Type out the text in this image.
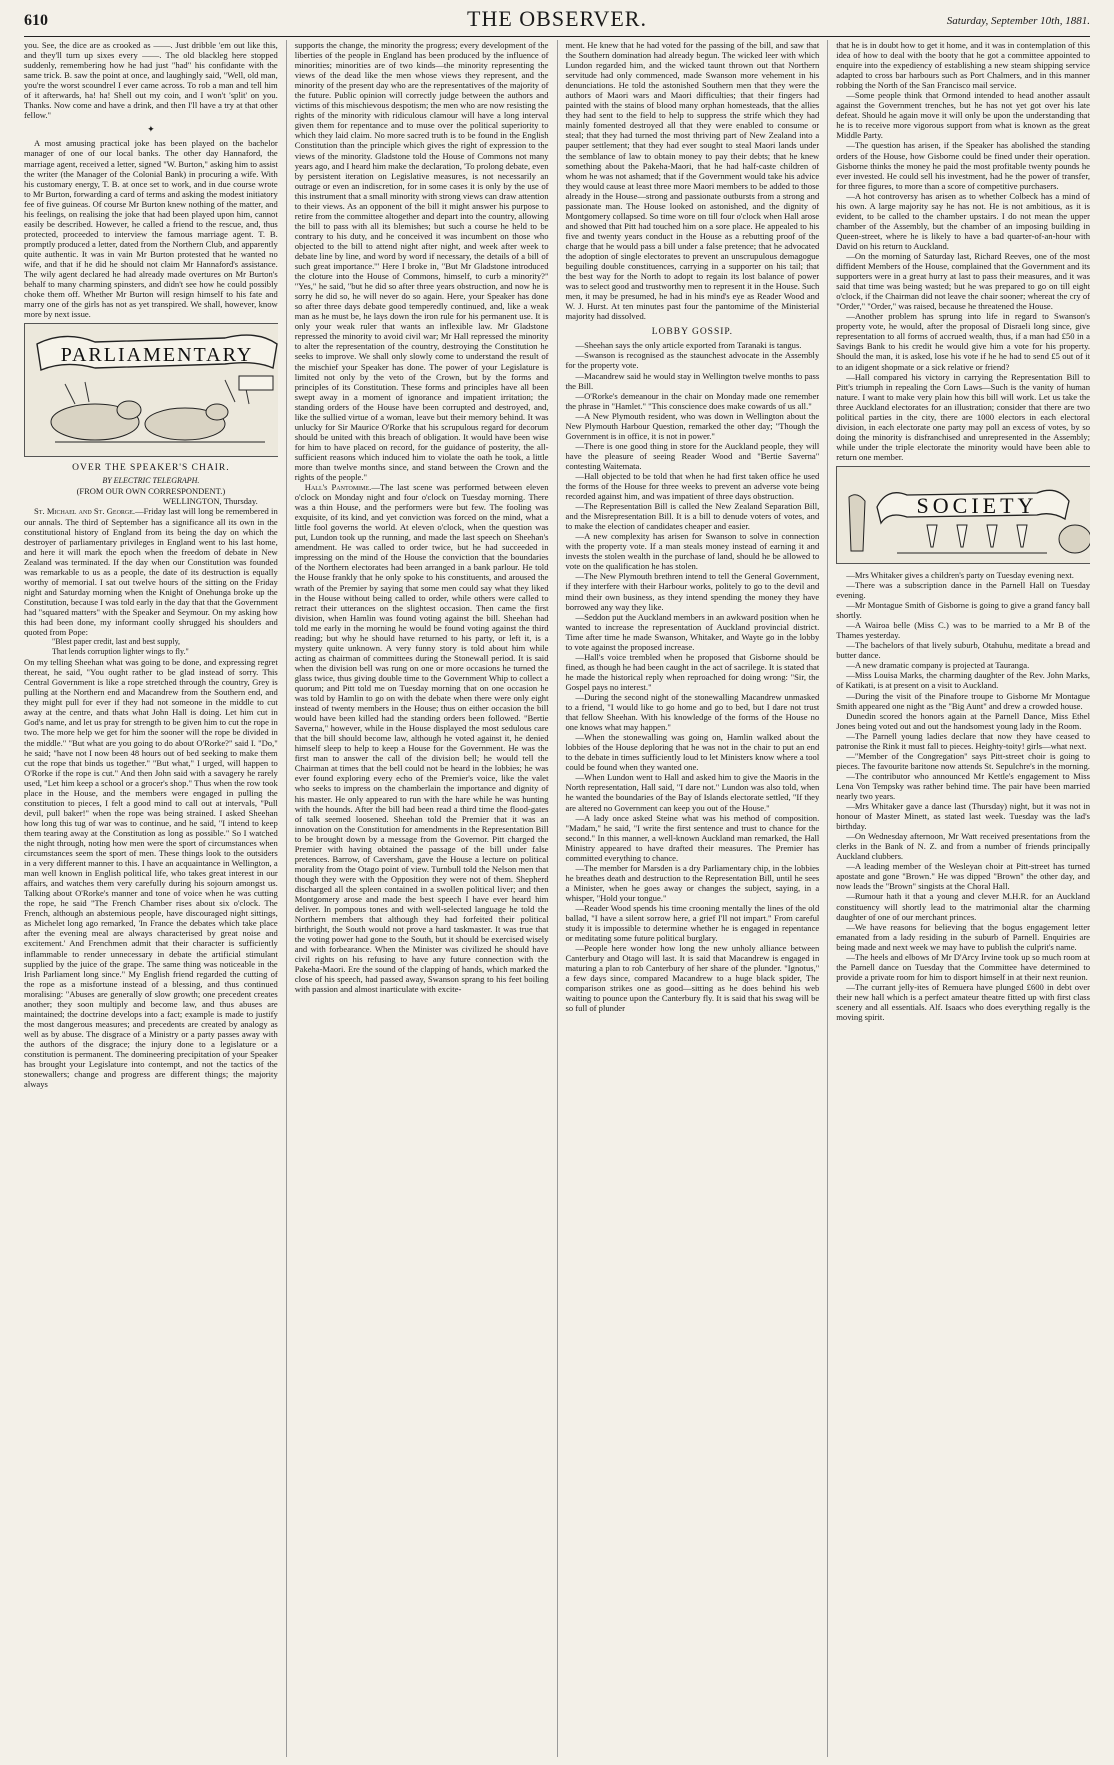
610	THE OBSERVER.	Saturday, September 10th, 1881.

you. See, the dice are as crooked as ——. Just dribble 'em out like this, and they'll turn up sixes every ——. The old blackleg here stopped suddenly, remembering how he had just "had" his confidante with the same trick. B. saw the point at once, and laughingly said, "Well, old man, you're the worst scoundrel I ever came across. To rob a man and tell him of it afterwards, ha! ha! Shell out my coin, and I won't 'split' on you. Thanks. Now come and have a drink, and then I'll have a try at that other fellow."

✦

A most amusing practical joke has been played on the bachelor manager of one of our local banks. The other day Hannaford, the marriage agent, received a letter, signed "W. Burton," asking him to assist the writer (the Manager of the Colonial Bank) in procuring a wife. With his customary energy, T. B. at once set to work, and in due course wrote to Mr Burton, forwarding a card of terms and asking the modest initiatory fee of five guineas. Of course Mr Burton knew nothing of the matter, and his feelings, on realising the joke that had been played upon him, cannot easily be described. However, he called a friend to the rescue, and, thus protected, proceeded to interview the famous marriage agent. T. B. promptly produced a letter, dated from the Northern Club, and apparently quite authentic. It was in vain Mr Burton protested that he wanted no wife, and that if he did he should not claim Mr Hannaford's assistance. The wily agent declared he had already made overtures on Mr Burton's behalf to many charming spinsters, and didn't see how he could possibly choke them off. Whether Mr Burton will resign himself to his fate and marry one of the girls has not as yet transpired. We shall, however, know more by next issue.

PARLIAMENTARY
OVER THE SPEAKER'S CHAIR.
BY ELECTRIC TELEGRAPH.
(FROM OUR OWN CORRESPONDENT.)

WELLINGTON, Thursday.

St. Michael and St. George.—Friday last will long be remembered in our annals. The third of September has a significance all its own in the constitutional history of England from its being the day on which the destroyer of parliamentary privileges in England went to his last home, and here it will mark the epoch when the freedom of debate in New Zealand was terminated. If the day when our Constitution was founded was remarkable to us as a people, the date of its destruction is equally worthy of memorial. I sat out twelve hours of the sitting on the Friday night and Saturday morning when the Knight of Onehunga broke up the Constitution, because I was told early in the day that that the Government had "squared matters" with the Speaker and Seymour. On my asking how this had been done, my informant coolly shrugged his shoulders and quoted from Pope:

"Blest paper credit, last and best supply,

That lends corruption lighter wings to fly."

On my telling Sheehan what was going to be done, and expressing regret thereat, he said, "You ought rather to be glad instead of sorry. This Central Government is like a rope stretched through the country, Grey is pulling at the Northern end and Macandrew from the Southern end, and they might pull for ever if they had not someone in the middle to cut away at the centre, and thats what John Hall is doing. Let him cut in God's name, and let us pray for strength to be given him to cut the rope in two. The more help we get for him the sooner will the rope be divided in the middle." "But what are you going to do about O'Rorke?" said I. "Do," he said; "have not I now been 48 hours out of bed seeking to make them cut the rope that binds us together." "But what," I urged, will happen to O'Rorke if the rope is cut." And then John said with a savagery he rarely used, "Let him keep a school or a grocer's shop." Thus when the row took place in the House, and the members were engaged in pulling the constitution to pieces, I felt a good mind to call out at intervals, "Pull devil, pull baker!" when the rope was being strained. I asked Sheehan how long this tug of war was to continue, and he said, "I intend to keep them tearing away at the Constitution as long as possible." So I watched the night through, noting how men were the sport of circumstances when circumstances seem the sport of men. These things look to the outsiders in a very different manner to this. I have an acquaintance in Wellington, a man well known in English political life, who takes great interest in our affairs, and watches them very carefully during his sojourn amongst us. Talking about O'Rorke's manner and tone of voice when he was cutting the rope, he said "The French Chamber rises about six o'clock. The French, although an abstemious people, have discouraged night sittings, as Michelet long ago remarked, 'In France the debates which take place after the evening meal are always characterised by great noise and excitement.' And Frenchmen admit that their character is sufficiently inflammable to render unnecessary in debate the artificial stimulant supplied by the juice of the grape. The same thing was noticeable in the Irish Parliament long since." My English friend regarded the cutting of the rope as a misfortune instead of a blessing, and thus continued moralising: "Abuses are generally of slow growth; one precedent creates another; they soon multiply and become law, and thus abuses are maintained; the doctrine develops into a fact; example is made to justify the most dangerous measures; and precedents are created by analogy as well as by abuse. The disgrace of a Ministry or a party passes away with the authors of the disgrace; the injury done to a legislature or a constitution is permanent. The domineering precipitation of your Speaker has brought your Legislature into contempt, and not the tactics of the stonewallers; change and progress are different things; the majority always

supports the change, the minority the progress; every development of the liberties of the people in England has been produced by the influence of minorities; minorities are of two kinds—the minority representing the views of the dead like the men whose views they represent, and the minority of the present day who are the representatives of the majority of the future. Public opinion will correctly judge between the authors and victims of this mischievous despotism; the men who are now resisting the rights of the minority with ridiculous clamour will have a long interval given them for repentance and to muse over the political superiority to which they laid claim. No more sacred truth is to be found in the English Constitution than the principle which gives the right of expression to the views of the minority. Gladstone told the House of Commons not many years ago, and I heard him make the declaration, 'To prolong debate, even by persistent iteration on Legislative measures, is not necessarily an outrage or even an indiscretion, for in some cases it is only by the use of this instrument that a small minority with strong views can draw attention to their views. As an opponent of the bill it might answer his purpose to retire from the committee altogether and depart into the country, allowing the bill to pass with all its blemishes; but such a course he held to be contrary to his duty, and he conceived it was incumbent on those who objected to the bill to attend night after night, and week after week to debate line by line, and word by word if necessary, the details of a bill of such great importance.'" Here I broke in, "But Mr Gladstone introduced the cloture into the House of Commons, himself, to curb a minority?" "Yes," he said, "but he did so after three years obstruction, and now he is sorry he did so, he will never do so again. Here, your Speaker has done so after three days debate good temperedly continued, and, like a weak man as he must be, he lays down the iron rule for his permanent use. It is only your weak ruler that wants an inflexible law. Mr Gladstone repressed the minority to avoid civil war; Mr Hall repressed the minority to alter the representation of the country, destroying the Constitution he seeks to improve. We shall only slowly come to understand the result of the mischief your Speaker has done. The power of your Legislature is limited not only by the veto of the Crown, but by the forms and principles of its Constitution. These forms and principles have all been swept away in a moment of ignorance and impatient irritation; the standing orders of the House have been corrupted and destroyed, and, like the sullied virtue of a woman, leave but their memory behind. It was unlucky for Sir Maurice O'Rorke that his scrupulous regard for decorum should be united with this breach of obligation. It would have been wise for him to have placed on record, for the guidance of posterity, the all-sufficient reasons which induced him to violate the oath he took, a little more than twelve months since, and stand between the Crown and the rights of the people."

Hall's Pantomime.—The last scene was performed between eleven o'clock on Monday night and four o'clock on Tuesday morning. There was a thin House, and the performers were but few. The fooling was exquisite, of its kind, and yet conviction was forced on the mind, what a little fool governs the world. At eleven o'clock, when the question was put, Lundon took up the running, and made the last speech on Sheehan's amendment. He was called to order twice, but he had succeeded in impressing on the mind of the House the conviction that the boundaries of the Northern electorates had been arranged in a bank parlour. He told the House frankly that he only spoke to his constituents, and aroused the wrath of the Premier by saying that some men could say what they liked in the House without being called to order, while others were called to retract their utterances on the slightest occasion. Then came the first division, when Hamlin was found voting against the bill. Sheehan had told me early in the morning he would be found voting against the third reading; but why he should have returned to his party, or left it, is a mystery quite unknown. A very funny story is told about him while acting as chairman of committees during the Stonewall period. It is said when the division bell was rung on one or more occasions he turned the glass twice, thus giving double time to the Government Whip to collect a quorum; and Pitt told me on Tuesday morning that on one occasion he was told by Hamlin to go on with the debate when there were only eight instead of twenty members in the House; thus on either occasion the bill would have been killed had the standing orders been followed. "Bertie Saverna," however, while in the House displayed the most sedulous care that the bill should become law, although he voted against it, he denied himself sleep to help to keep a House for the Government. He was the first man to answer the call of the division bell; he would tell the Chairman at times that the bell could not be heard in the lobbies; he was ever found exploring every echo of the Premier's voice, like the valet who seeks to impress on the chamberlain the importance and dignity of his master. He only appeared to run with the hare while he was hunting with the hounds. After the bill had been read a third time the flood-gates of talk seemed loosened. Sheehan told the Premier that it was an innovation on the Constitution for amendments in the Representation Bill to be brought down by a message from the Governor. Pitt charged the Premier with having obtained the passage of the bill under false pretences. Barrow, of Caversham, gave the House a lecture on political morality from the Otago point of view. Turnbull told the Nelson men that though they were with the Opposition they were not of them. Shepherd discharged all the spleen contained in a swollen political liver; and then Montgomery arose and made the best speech I have ever heard him deliver. In pompous tones and with well-selected language he told the Northern members that although they had forfeited their political birthright, the South would not prove a hard taskmaster. It was true that the voting power had gone to the South, but it should be exercised wisely and with forbearance. When the Minister was civilized he should have civil rights on his refusing to have any future connection with the Pakeha-Maori. Ere the sound of the clapping of hands, which marked the close of his speech, had passed away, Swanson sprang to his feet boiling with passion and almost inarticulate with excite-

ment. He knew that he had voted for the passing of the bill, and saw that the Southern domination had already begun. The wicked leer with which Lundon regarded him, and the wicked taunt thrown out that Northern servitude had only commenced, made Swanson more vehement in his denunciations. He told the astonished Southern men that they were the authors of Maori wars and Maori difficulties; that their fingers had painted with the stains of blood many orphan homesteads, that the allies they had sent to the field to help to suppress the strife which they had mainly fomented destroyed all that they were enabled to consume or steal; that they had turned the most thriving part of New Zealand into a pauper settlement; that they had ever sought to steal Maori lands under the semblance of law to obtain money to pay their debts; that he knew something about the Pakeha-Maori, that he had half-caste children of whom he was not ashamed; that if the Government would take his advice they would cause at least three more Maori members to be added to those already in the House—strong and passionate outbursts from a strong and passionate man. The House looked on astonished, and the dignity of Montgomery collapsed. So time wore on till four o'clock when Hall arose and showed that Pitt had touched him on a sore place. He appealed to his five and twenty years conduct in the House as a rebutting proof of the charge that he would pass a bill under a false pretence; that he advocated the adoption of single electorates to prevent an unscrupulous demagogue beguiling double constituences, carrying in a supporter on his tail; that the best way for the North to adopt to regain its lost balance of power was to select good and trustworthy men to represent it in the House. Such men, it may be presumed, he had in his mind's eye as Reader Wood and W. J. Hurst. At ten minutes past four the pantomime of the Ministerial majority had dissolved.

LOBBY GOSSIP.

—Sheehan says the only article exported from Taranaki is tangus.

—Swanson is recognised as the staunchest advocate in the Assembly for the property vote.

—Macandrew said he would stay in Wellington twelve months to pass the Bill.

—O'Rorke's demeanour in the chair on Monday made one remember the phrase in "Hamlet." "This conscience does make cowards of us all."

—A New Plymouth resident, who was down in Wellington about the New Plymouth Harbour Question, remarked the other day; "Though the Government is in office, it is not in power."

—There is one good thing in store for the Auckland people, they will have the pleasure of seeing Reader Wood and "Bertie Saverna" contesting Waitemata.

—Hall objected to be told that when he had first taken office he used the forms of the House for three weeks to prevent an adverse vote being recorded against him, and was impatient of three days obstruction.

—The Representation Bill is called the New Zealand Separation Bill, and the Misrepresentation Bill. It is a bill to denude voters of votes, and to make the election of candidates cheaper and easier.

—A new complexity has arisen for Swanson to solve in connection with the property vote. If a man steals money instead of earning it and invests the stolen wealth in the purchase of land, should he be allowed to vote on the qualification he has stolen.

—The New Plymouth brethren intend to tell the General Government, if they interfere with their Harbour works, politely to go to the devil and mind their own business, as they intend spending the money they have borrowed any way they like.

—Seddon put the Auckland members in an awkward position when he wanted to increase the representation of Auckland provincial district. Time after time he made Swanson, Whitaker, and Wayte go in the lobby to vote against the proposed increase.

—Hall's voice trembled when he proposed that Gisborne should be fined, as though he had been caught in the act of sacrilege. It is stated that he made the historical reply when reproached for doing wrong: "Sir, the Gospel pays no interest."

—During the second night of the stonewalling Macandrew unmasked to a friend, "I would like to go home and go to bed, but I dare not trust that fellow Sheehan. With his knowledge of the forms of the House no one knows what may happen."

—When the stonewalling was going on, Hamlin walked about the lobbies of the House deploring that he was not in the chair to put an end to the debate in times sufficiently loud to let Ministers know where a tool could be found when they wanted one.

—When Lundon went to Hall and asked him to give the Maoris in the North representation, Hall said, "I dare not." Lundon was also told, when he wanted the boundaries of the Bay of Islands electorate settled, "If they are altered no Government can keep you out of the House."

—A lady once asked Steine what was his method of composition. "Madam," he said, "I write the first sentence and trust to chance for the second." In this manner, a well-known Auckland man remarked, the Hall Ministry appeared to have drafted their measures. The Premier has committed everything to chance.

—The member for Marsden is a dry Parliamentary chip, in the lobbies he breathes death and destruction to the Representation Bill, until he sees a Minister, when he goes away or changes the subject, saying, in a whisper, "Hold your tongue."

—Reader Wood spends his time crooning mentally the lines of the old ballad, "I have a silent sorrow here, a grief I'll not impart." From careful study it is impossible to determine whether he is engaged in repentance or meditating some future political burglary.

—People here wonder how long the new unholy alliance between Canterbury and Otago will last. It is said that Macandrew is engaged in maturing a plan to rob Canterbury of her share of the plunder. "Ignotus," a few days since, compared Macandrew to a huge black spider, The comparison strikes one as good—sitting as he does behind his web waiting to pounce upon the Canterbury fly. It is said that his swag will be so full of plunder

that he is in doubt how to get it home, and it was in contemplation of this idea of how to deal with the booty that he got a committee appointed to enquire into the expediency of establishing a new steam shipping service adapted to cross bar harbours such as Port Chalmers, and in this manner robbing the North of the San Francisco mail service.

—Some people think that Ormond intended to head another assault against the Government trenches, but he has not yet got over his late defeat. Should he again move it will only be upon the understanding that he is to receive more vigorous support from what is known as the great Middle Party.

—The question has arisen, if the Speaker has abolished the standing orders of the House, how Gisborne could be fined under their operation. Gisborne thinks the money he paid the most profitable twenty pounds he ever invested. He could sell his investment, had he the power of transfer, for three figures, to more than a score of competitive purchasers.

—A hot controversy has arisen as to whether Colbeck has a mind of his own. A large majority say he has not. He is not ambitious, as it is evident, to be called to the chamber upstairs. I do not mean the upper chamber of the Assembly, but the chamber of an imposing building in Queen-street, where he is likely to have a bad quarter-of-an-hour with David on his return to Auckland.

—On the morning of Saturday last, Richard Reeves, one of the most diffident Members of the House, complained that the Government and its supporters were in a great hurry at last to pass their measures, and it was said that time was being wasted; but he was prepared to go on till eight o'clock, if the Chairman did not leave the chair sooner; whereat the cry of "Order," "Order," was raised, because he threatened the House.

—Another problem has sprung into life in regard to Swanson's property vote, he would, after the proposal of Disraeli long since, give representation to all forms of accrued wealth, thus, if a man had £50 in a Savings Bank to his credit he would give him a vote for his property. Should the man, it is asked, lose his vote if he he had to send £5 out of it to an idigent shopmate or a sick relative or friend?

—Hall compared his victory in carrying the Representation Bill to Pitt's triumph in repealing the Corn Laws—Such is the vanity of human nature. I want to make very plain how this bill will work. Let us take the three Auckland electorates for an illustration; consider that there are two political parties in the city, there are 1000 electors in each electoral division, in each electorate one party may poll an excess of votes, by so doing the minority is disfranchised and unrepresented in the Assembly; while under the triple electorate the minority would have been able to return one member.

SOCIETY

—Mrs Whitaker gives a children's party on Tuesday evening next.

—There was a subscription dance in the Parnell Hall on Tuesday evening.

—Mr Montague Smith of Gisborne is going to give a grand fancy ball shortly.

—A Wairoa belle (Miss C.) was to be married to a Mr B of the Thames yesterday.

—The bachelors of that lively suburb, Otahuhu, meditate a bread and butter dance.

—A new dramatic company is projected at Tauranga.

—Miss Louisa Marks, the charming daughter of the Rev. John Marks, of Katikati, is at present on a visit to Auckland.

—During the visit of the Pinafore troupe to Gisborne Mr Montague Smith appeared one night as the "Big Aunt" and drew a crowded house.

Dunedin scored the honors again at the Parnell Dance, Miss Ethel Jones being voted out and out the handsomest young lady in the Room.

—The Parnell young ladies declare that now they have ceased to patronise the Rink it must fall to pieces. Heighty-toity! girls—what next.

—"Member of the Congregation" says Pitt-street choir is going to pieces. The favourite baritone now attends St. Sepulchre's in the morning.

—The contributor who announced Mr Kettle's engagement to Miss Lena Von Tempsky was rather behind time. The pair have been married nearly two years.

—Mrs Whitaker gave a dance last (Thursday) night, but it was not in honour of Master Minett, as stated last week. Tuesday was the lad's birthday.

—On Wednesday afternoon, Mr Watt received presentations from the clerks in the Bank of N. Z. and from a number of friends principally Auckland clubbers.

—A leading member of the Wesleyan choir at Pitt-street has turned apostate and gone "Brown." He was dipped "Brown" the other day, and now leads the "Brown" singists at the Choral Hall.

—Rumour hath it that a young and clever M.H.R. for an Auckland constituency will shortly lead to the matrimonial altar the charming daughter of one of our merchant princes.

—We have reasons for believing that the bogus engagement letter emanated from a lady residing in the suburb of Parnell. Enquiries are being made and next week we may have to publish the culprit's name.

—The heels and elbows of Mr D'Arcy Irvine took up so much room at the Parnell dance on Tuesday that the Committee have determined to provide a private room for him to disport himself in at their next reunion.

—The currant jelly-ites of Remuera have plunged £600 in debt over their new hall which is a perfect amateur theatre fitted up with first class scenery and all essentials. Alf. Isaacs who does everything regally is the moving spirit.
